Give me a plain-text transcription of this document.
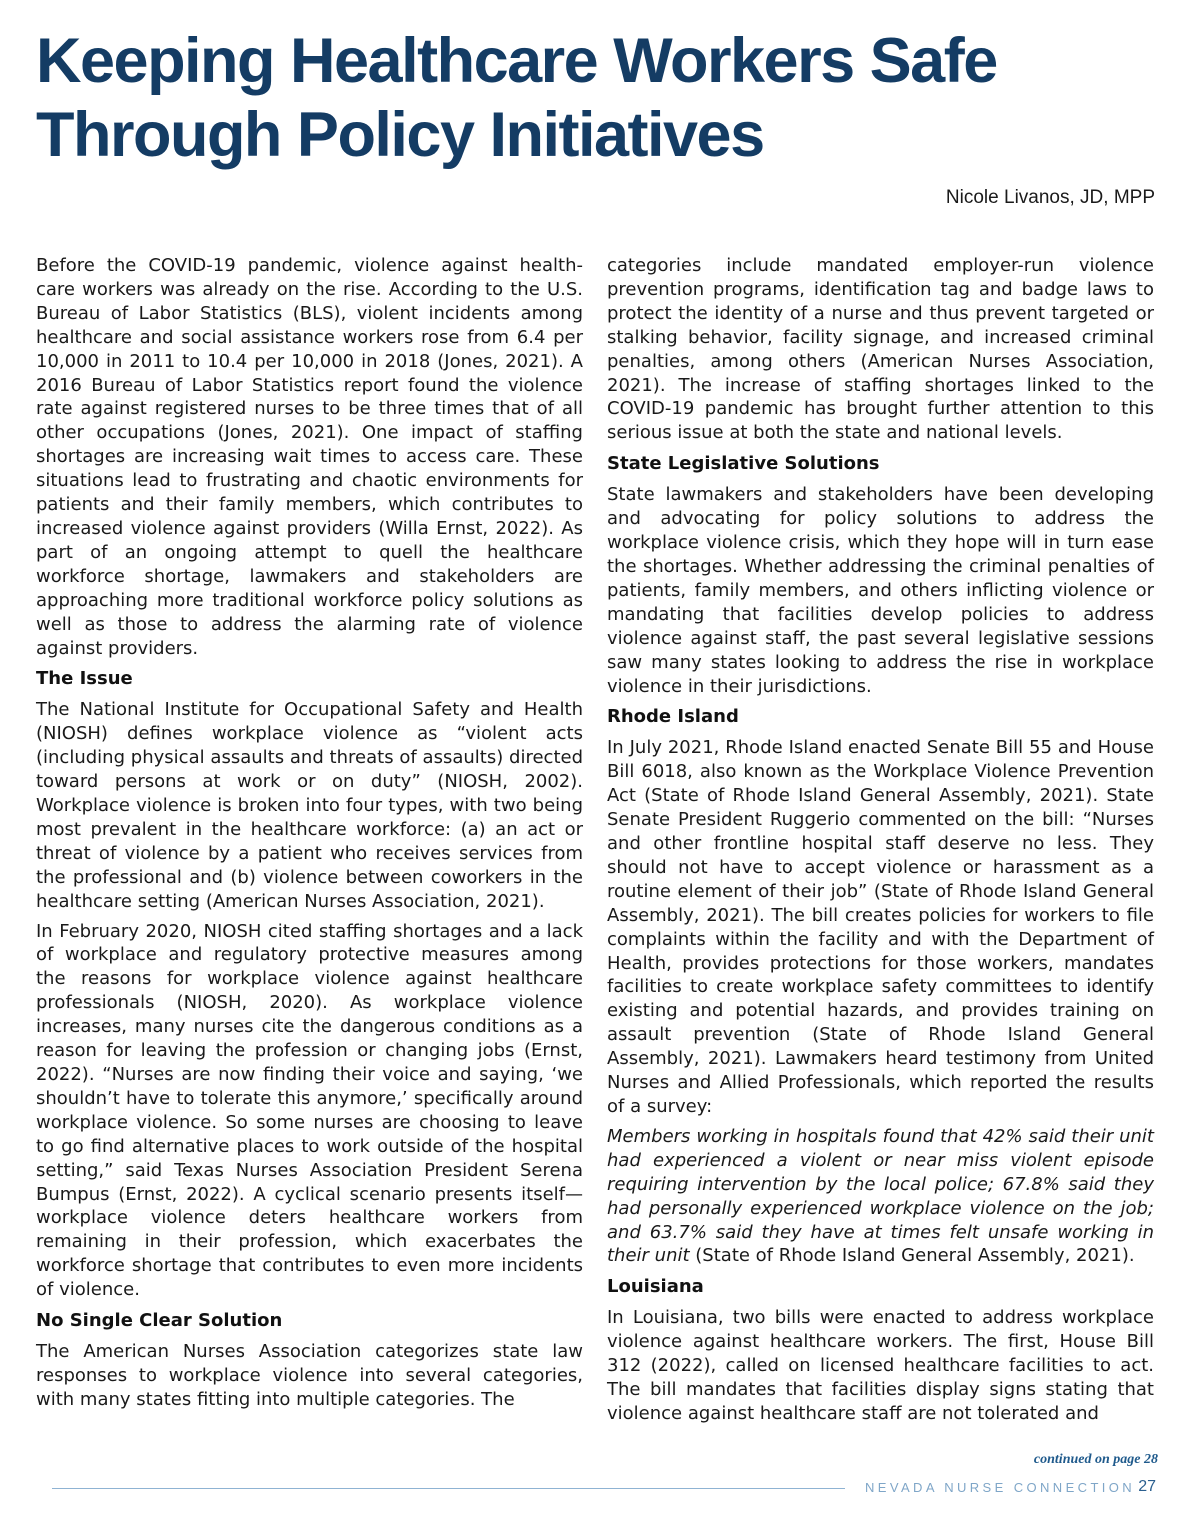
Keeping Healthcare Workers Safe
Through Policy Initiatives
Nicole Livanos, JD, MPP

Before the COVID-19 pandemic, violence against health-care workers was already on the rise. According to the U.S. Bureau of Labor Statistics (BLS), violent incidents among healthcare and social assistance workers rose from 6.4 per 10,000 in 2011 to 10.4 per 10,000 in 2018 (Jones, 2021). A 2016 Bureau of Labor Statistics report found the violence rate against registered nurses to be three times that of all other occupations (Jones, 2021). One impact of staffing shortages are increasing wait times to access care. These situations lead to frustrating and chaotic environments for patients and their family members, which contributes to increased violence against providers (Willa Ernst, 2022). As part of an ongoing attempt to quell the healthcare workforce shortage, lawmakers and stakeholders are approaching more traditional workforce policy solutions as well as those to address the alarming rate of violence against providers.

The Issue

The National Institute for Occupational Safety and Health (NIOSH) defines workplace violence as “violent acts (including physical assaults and threats of assaults) directed toward persons at work or on duty” (NIOSH, 2002). Workplace violence is broken into four types, with two being most prevalent in the healthcare workforce: (a) an act or threat of violence by a patient who receives services from the professional and (b) violence between coworkers in the healthcare setting (American Nurses Association, 2021).

In February 2020, NIOSH cited staffing shortages and a lack of workplace and regulatory protective measures among the reasons for workplace violence against healthcare professionals (NIOSH, 2020). As workplace violence increases, many nurses cite the dangerous conditions as a reason for leaving the profession or changing jobs (Ernst, 2022). “Nurses are now finding their voice and saying, ‘we shouldn’t have to tolerate this anymore,’ specifically around workplace violence. So some nurses are choosing to leave to go find alternative places to work outside of the hospital setting,” said Texas Nurses Association President Serena Bumpus (Ernst, 2022). A cyclical scenario presents itself—workplace violence deters healthcare workers from remaining in their profession, which exacerbates the workforce shortage that contributes to even more incidents of violence.

No Single Clear Solution

The American Nurses Association categorizes state law responses to workplace violence into several categories, with many states fitting into multiple categories. The

categories include mandated employer-run violence prevention programs, identification tag and badge laws to protect the identity of a nurse and thus prevent targeted or stalking behavior, facility signage, and increased criminal penalties, among others (American Nurses Association, 2021). The increase of staffing shortages linked to the COVID-19 pandemic has brought further attention to this serious issue at both the state and national levels.

State Legislative Solutions

State lawmakers and stakeholders have been developing and advocating for policy solutions to address the workplace violence crisis, which they hope will in turn ease the shortages. Whether addressing the criminal penalties of patients, family members, and others inflicting violence or mandating that facilities develop policies to address violence against staff, the past several legislative sessions saw many states looking to address the rise in workplace violence in their jurisdictions.

Rhode Island

In July 2021, Rhode Island enacted Senate Bill 55 and House Bill 6018, also known as the Workplace Violence Prevention Act (State of Rhode Island General Assembly, 2021). State Senate President Ruggerio commented on the bill: “Nurses and other frontline hospital staff deserve no less. They should not have to accept violence or harassment as a routine element of their job” (State of Rhode Island General Assembly, 2021). The bill creates policies for workers to file complaints within the facility and with the Department of Health, provides protections for those workers, mandates facilities to create workplace safety committees to identify existing and potential hazards, and provides training on assault prevention (State of Rhode Island General Assembly, 2021). Lawmakers heard testimony from United Nurses and Allied Professionals, which reported the results of a survey:

Members working in hospitals found that 42% said their unit had experienced a violent or near miss violent episode requiring intervention by the local police; 67.8% said they had personally experienced workplace violence on the job; and 63.7% said they have at times felt unsafe working in their unit (State of Rhode Island General Assembly, 2021).

Louisiana

In Louisiana, two bills were enacted to address workplace violence against healthcare workers. The first, House Bill 312 (2022), called on licensed healthcare facilities to act. The bill mandates that facilities display signs stating that violence against healthcare staff are not tolerated and

continued on page 28
NEVADA NURSE CONNECTION 27
